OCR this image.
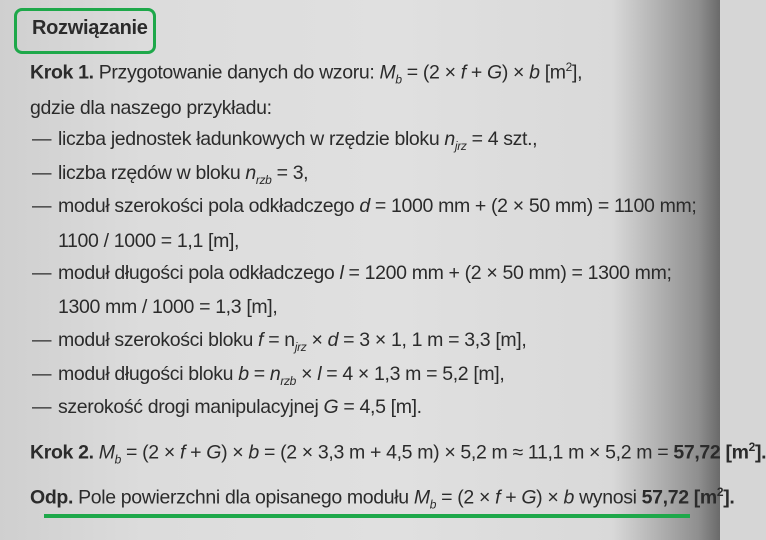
Rozwiązanie
Krok 1. Przygotowanie danych do wzoru: $M_b = (2 \times f + G) \times b$ $[m^2]$,
gdzie dla naszego przykładu:
— liczba jednostek ładunkowych w rzędzie bloku $n_{jrz} = 4$ szt.,
— liczba rzędów w bloku $n_{rzb} = 3$,
— moduł szerokości pola odkładczego d = 1000 mm + (2 × 50 mm) = 1100 mm;
1100 / 1000 = 1,1 [m],
— moduł długości pola odkładczego l = 1200 mm + (2 × 50 mm) = 1300 mm;
1300 mm / 1000 = 1,3 [m],
— moduł szerokości bloku $f = n_{jrz} \times d = 3 \times 1$, 1 m = 3,3 [m],
— moduł długości bloku $b = n_{rzb} \times l = 4 \times 1,3$ m = 5,2 [m],
— szerokość drogi manipulacyjnej G = 4,5 [m].
Krok 2. $M_b = (2 \times f + G) \times b = (2 \times 3,3$ m + 4,5 m) × 5,2 m ≈ 11,1 m × 5,2 m = 57,72 $[m^2]$.
Odp. Pole powierzchni dla opisanego modułu $M_b = (2 \times f + G) \times b$ wynosi 57,72 $[m^2]$.
